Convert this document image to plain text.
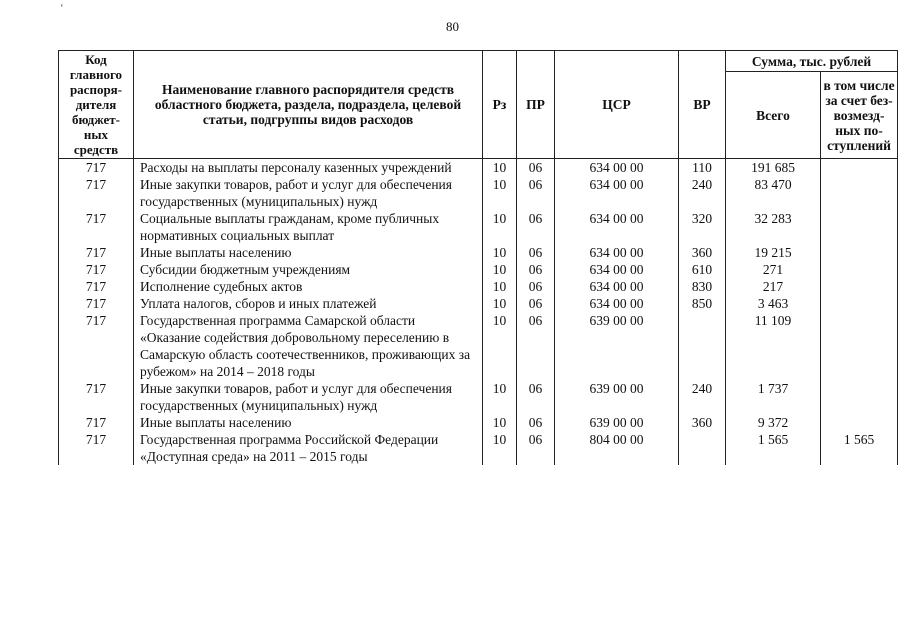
ʻ
80
Код главного распоря-дителя бюджет-ных средств	Наименование главного распорядителя средств областного бюджета, раздела, подраздела, целевой статьи, подгруппы видов расходов	Рз	ПР	ЦСР	ВР	Сумма, тыс. рублей	
						Всего	в том числе за счет без-возмезд-ных по-ступлений
717	Расходы на выплаты персоналу казенных учреждений	10	06	634 00 00	110	191 685	
717	Иные закупки товаров, работ и услуг для обеспечения государственных (муниципальных) нужд	10	06	634 00 00	240	83 470	
717	Социальные выплаты гражданам, кроме публичных нормативных социальных выплат	10	06	634 00 00	320	32 283	
717	Иные выплаты населению	10	06	634 00 00	360	19 215	
717	Субсидии бюджетным учреждениям	10	06	634 00 00	610	271	
717	Исполнение судебных актов	10	06	634 00 00	830	217	
717	Уплата налогов, сборов и иных платежей	10	06	634 00 00	850	3 463	
717	Государственная программа Самарской области «Оказание содействия добровольному переселению в Самарскую область соотечественников, проживающих за рубежом» на 2014 – 2018 годы	10	06	639 00 00		11 109	
717	Иные закупки товаров, работ и услуг для обеспечения государственных (муниципальных) нужд	10	06	639 00 00	240	1 737	
717	Иные выплаты населению	10	06	639 00 00	360	9 372	
717	Государственная программа Российской Федерации «Доступная среда» на 2011 – 2015 годы	10	06	804 00 00		1 565	1 565
